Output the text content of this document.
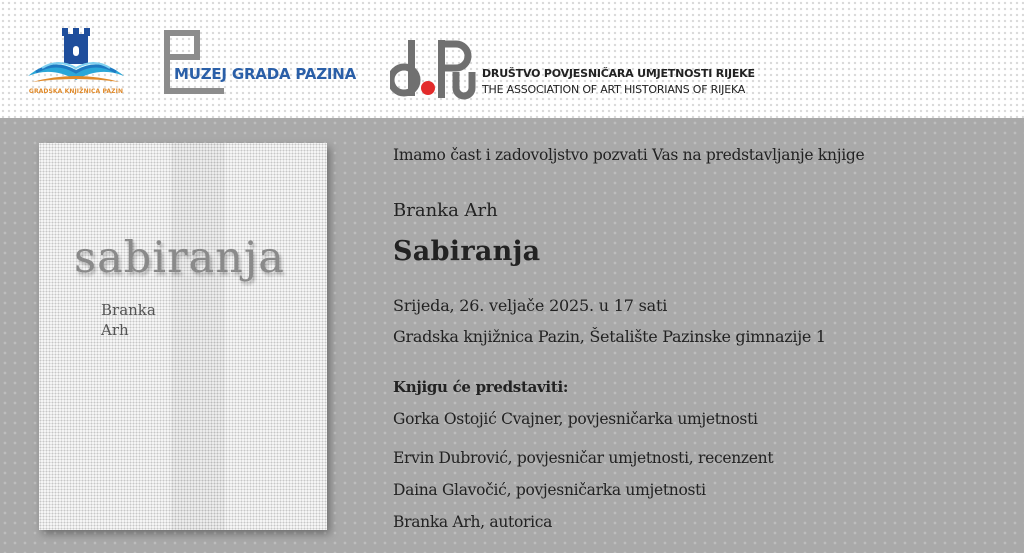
GRADSKA KNJIŽNICA PAZIN
MUZEJ GRADA PAZINA	DRUŠTVO POVJESNIČARA UMJETNOSTI RIJEKE
THE ASSOCIATION OF ART HISTORIANS OF RIJEKA
sabiranja
Branka
Arh
Imamo čast i zadovoljstvo pozvati Vas na predstavljanje knjige
Branka Arh
Sabiranja
Srijeda, 26. veljače 2025. u 17 sati
Gradska knjižnica Pazin, Šetalište Pazinske gimnazije 1
Knjigu će predstaviti:
Gorka Ostojić Cvajner, povjesničarka umjetnosti
Ervin Dubrović, povjesničar umjetnosti, recenzent
Daina Glavočić, povjesničarka umjetnosti
Branka Arh, autorica
